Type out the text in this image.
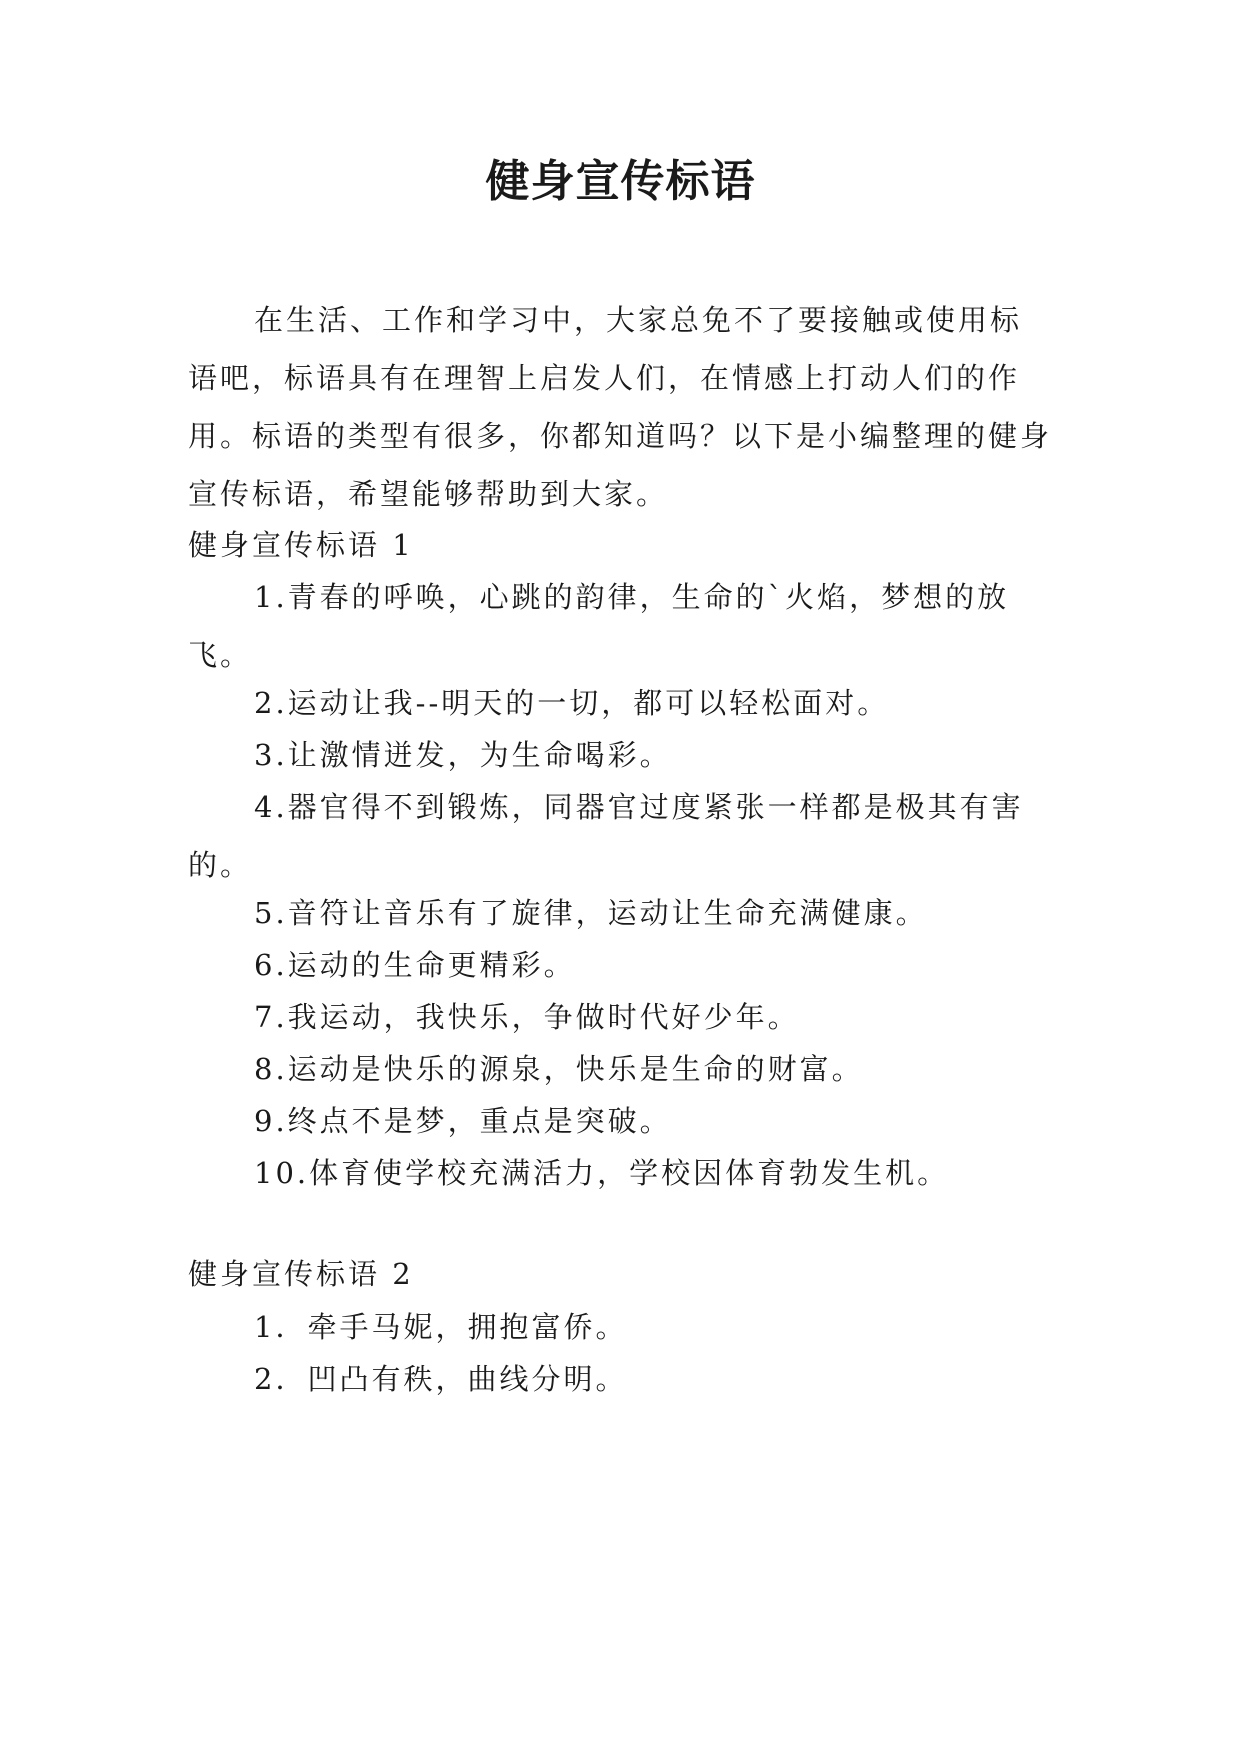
健身宣传标语
在生活、工作和学习中，大家总免不了要接触或使用标语吧，标语具有在理智上启发人们，在情感上打动人们的作用。标语的类型有很多，你都知道吗？以下是小编整理的健身宣传标语，希望能够帮助到大家。
健身宣传标语 1
1.青春的呼唤，心跳的韵律，生命的`火焰，梦想的放飞。
2.运动让我--明天的一切，都可以轻松面对。
3.让激情迸发，为生命喝彩。
4.器官得不到锻炼，同器官过度紧张一样都是极其有害的。
5.音符让音乐有了旋律，运动让生命充满健康。
6.运动的生命更精彩。
7.我运动，我快乐，争做时代好少年。
8.运动是快乐的源泉，快乐是生命的财富。
9.终点不是梦，重点是突破。
10.体育使学校充满活力，学校因体育勃发生机。
健身宣传标语 2
1．牵手马妮，拥抱富侨。
2．凹凸有秩，曲线分明。
